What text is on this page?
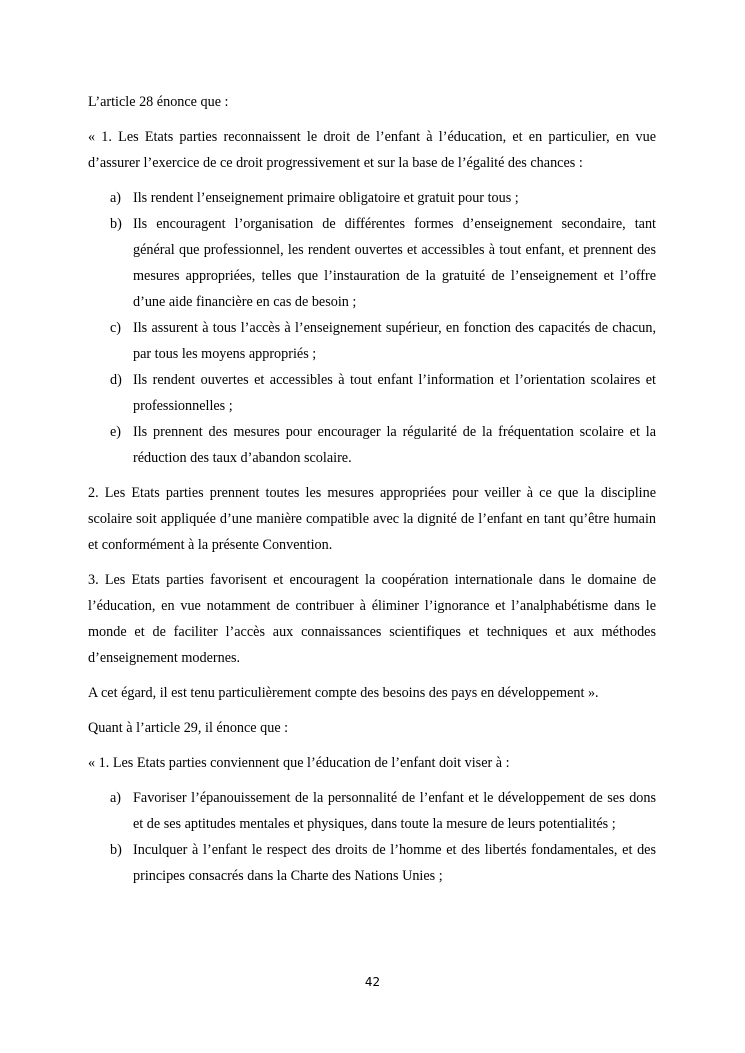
L’article 28 énonce que :

« 1. Les Etats parties reconnaissent le droit de l’enfant à l’éducation, et en particulier, en vue d’assurer l’exercice de ce droit progressivement et sur la base de l’égalité des chances :

a) Ils rendent l’enseignement primaire obligatoire et gratuit pour tous ;
b) Ils encouragent l’organisation de différentes formes d’enseignement secondaire, tant général que professionnel, les rendent ouvertes et accessibles à tout enfant, et prennent des mesures appropriées, telles que l’instauration de la gratuité de l’enseignement et l’offre d’une aide financière en cas de besoin ;
c) Ils assurent à tous l’accès à l’enseignement supérieur, en fonction des capacités de chacun, par tous les moyens appropriés ;
d) Ils rendent ouvertes et accessibles à tout enfant l’information et l’orientation scolaires et professionnelles ;
e) Ils prennent des mesures pour encourager la régularité de la fréquentation scolaire et la réduction des taux d’abandon scolaire.

2. Les Etats parties prennent toutes les mesures appropriées pour veiller à ce que la discipline scolaire soit appliquée d’une manière compatible avec la dignité de l’enfant en tant qu’être humain et conformément à la présente Convention.

3. Les Etats parties favorisent et encouragent la coopération internationale dans le domaine de l’éducation, en vue notamment de contribuer à éliminer l’ignorance et l’analphabétisme dans le monde et de faciliter l’accès aux connaissances scientifiques et techniques et aux méthodes d’enseignement modernes.

A cet égard, il est tenu particulièrement compte des besoins des pays en développement ».

Quant à l’article 29, il énonce que :

« 1. Les Etats parties conviennent que l’éducation de l’enfant doit viser à :

a) Favoriser l’épanouissement de la personnalité de l’enfant et le développement de ses dons et de ses aptitudes mentales et physiques, dans toute la mesure de leurs potentialités ;
b) Inculquer à l’enfant le respect des droits de l’homme et des libertés fondamentales, et des principes consacrés dans la Charte des Nations Unies ;
42
